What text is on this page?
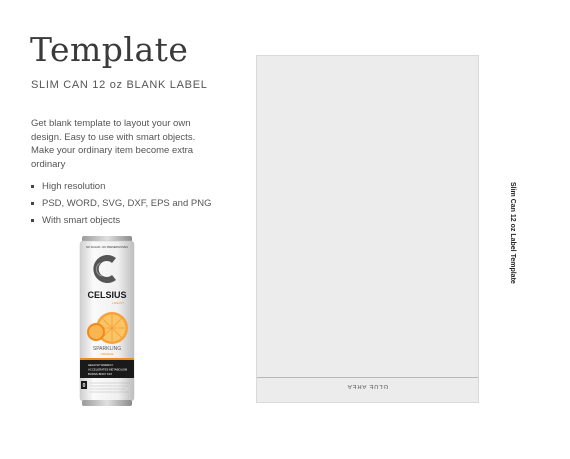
Template
SLIM CAN 12 oz BLANK LABEL
Get blank template to layout your own design. Easy to use with smart objects. Make your ordinary item become extra ordinary
High resolution
PSD, WORD, SVG, DXF, EPS and PNG
With smart objects
NO SUGAR • NO PRESERVATIVES
CELSIUS
LIVE FIT
SPARKLING
ORANGE
HEALTHY ENERGY
ACCELERATES METABOLISM
BURNS BODY FAT
0	GLUE AREA
Slim Can 12 oz Label Template
